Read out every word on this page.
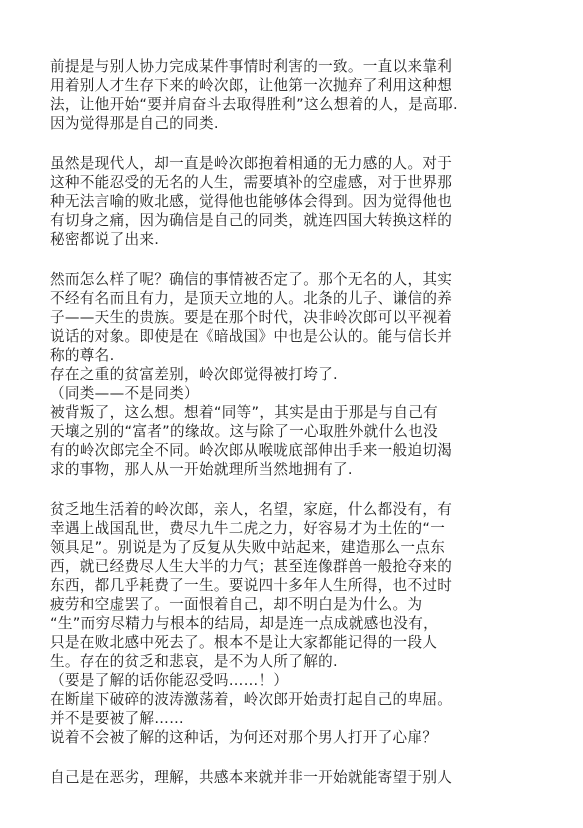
前提是与别人协力完成某件事情时利害的一致。一直以来靠利
用着别人才生存下来的岭次郎，让他第一次抛弃了利用这种想
法，让他开始“要并肩奋斗去取得胜利”这么想着的人，是高耶.
因为觉得那是自己的同类.
虽然是现代人，却一直是岭次郎抱着相通的无力感的人。对于
这种不能忍受的无名的人生，需要填补的空虚感，对于世界那
种无法言喻的败北感，觉得他也能够体会得到。因为觉得他也
有切身之痛，因为确信是自己的同类，就连四国大转换这样的
秘密都说了出来.
然而怎么样了呢？确信的事情被否定了。那个无名的人，其实
不经有名而且有力，是顶天立地的人。北条的儿子、谦信的养
子——天生的贵族。要是在那个时代，决非岭次郎可以平视着
说话的对象。即使是在《暗战国》中也是公认的。能与信长并
称的尊名.
存在之重的贫富差别，岭次郎觉得被打垮了.
（同类——不是同类）
被背叛了，这么想。想着“同等”，其实是由于那是与自己有
天壤之别的“富者”的缘故。这与除了一心取胜外就什么也没
有的岭次郎完全不同。岭次郎从喉咙底部伸出手来一般迫切渴
求的事物，那人从一开始就理所当然地拥有了.
贫乏地生活着的岭次郎，亲人，名望，家庭，什么都没有，有
幸遇上战国乱世，费尽九牛二虎之力，好容易才为土佐的“一
领具足”。别说是为了反复从失败中站起来，建造那么一点东
西，就已经费尽人生大半的力气；甚至连像群兽一般抢夺来的
东西，都几乎耗费了一生。要说四十多年人生所得，也不过时
疲劳和空虚罢了。一面恨着自己，却不明白是为什么。为
“生”而穷尽精力与根本的结局，却是连一点成就感也没有，
只是在败北感中死去了。根本不是让大家都能记得的一段人
生。存在的贫乏和悲哀，是不为人所了解的.
（要是了解的话你能忍受吗……！）
在断崖下破碎的波涛激荡着，岭次郎开始责打起自己的卑屈。
并不是要被了解……
说着不会被了解的这种话，为何还对那个男人打开了心扉？
自己是在恶劣，理解，共感本来就并非一开始就能寄望于别人
